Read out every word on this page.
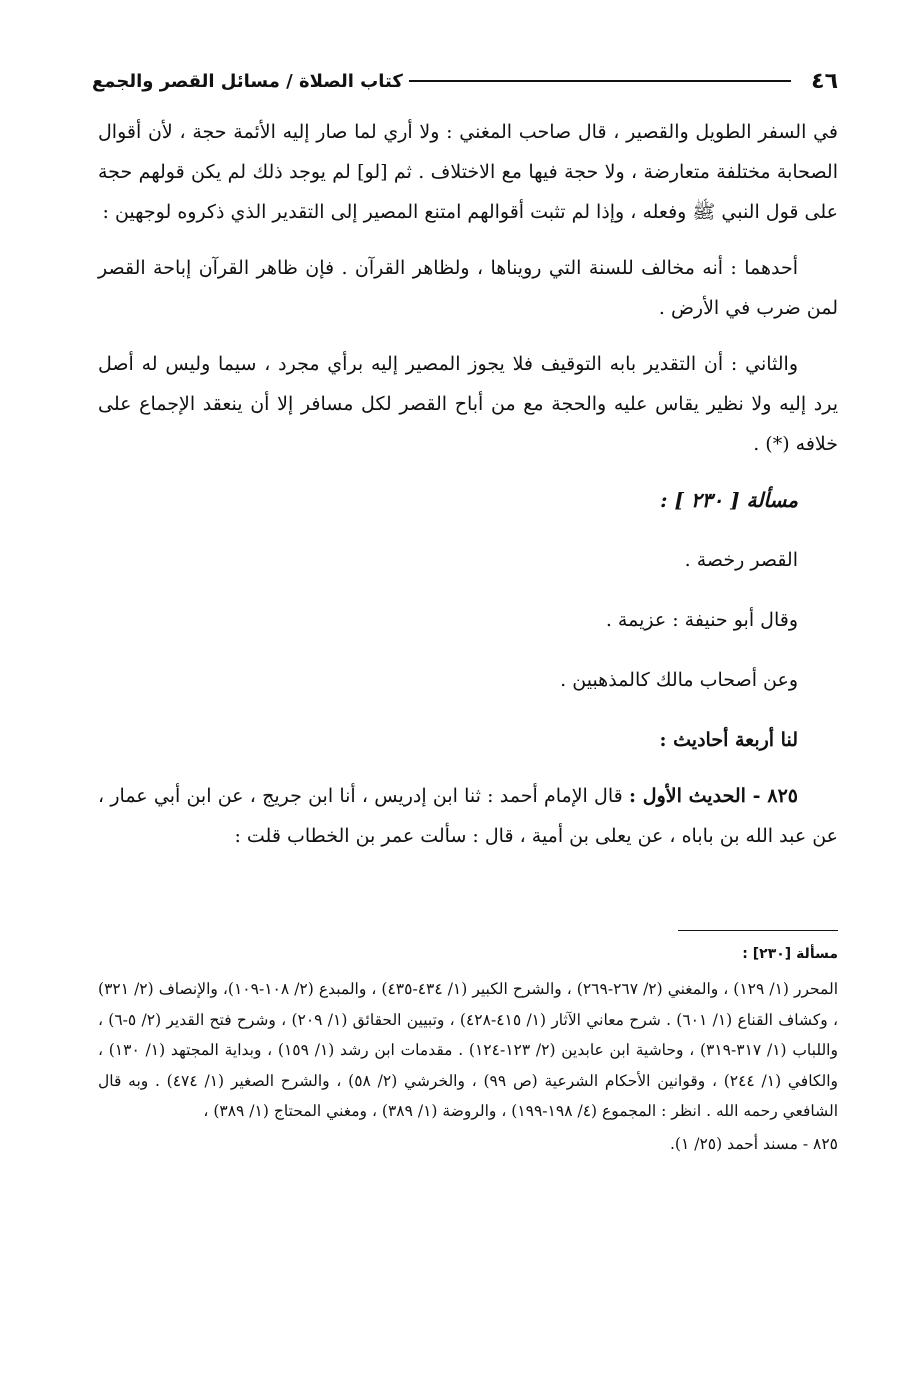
٤٦
كتاب الصلاة / مسائل القصر والجمع

في السفر الطويل والقصير ، قال صاحب المغني : ولا أري لما صار إليه الأئمة حجة ، لأن أقوال الصحابة مختلفة متعارضة ، ولا حجة فيها مع الاختلاف . ثم [لو] لم يوجد ذلك لم يكن قولهم حجة على قول النبي ﷺ وفعله ، وإذا لم تثبت أقوالهم امتنع المصير إلى التقدير الذي ذكروه لوجهين :

أحدهما : أنه مخالف للسنة التي رويناها ، ولظاهر القرآن . فإن ظاهر القرآن إباحة القصر لمن ضرب في الأرض .

والثاني : أن التقدير بابه التوقيف فلا يجوز المصير إليه برأي مجرد ، سيما وليس له أصل يرد إليه ولا نظير يقاس عليه والحجة مع من أباح القصر لكل مسافر إلا أن ينعقد الإجماع على خلافه (*) .

مسألة [ ٢٣٠ ] :
القصر رخصة .
وقال أبو حنيفة : عزيمة .
وعن أصحاب مالك كالمذهبين .
لنا أربعة أحاديث :

٨٢٥ - الحديث الأول : قال الإمام أحمد : ثنا ابن إدريس ، أنا ابن جريج ، عن ابن أبي عمار ، عن عبد الله بن باباه ، عن يعلى بن أمية ، قال : سألت عمر بن الخطاب قلت :

مسألة [٢٣٠] :

المحرر (١/ ١٢٩) ، والمغني (٢/ ٢٦٧-٢٦٩) ، والشرح الكبير (١/ ٤٣٤-٤٣٥) ، والمبدع (٢/ ١٠٨-١٠٩)، والإنصاف (٢/ ٣٢١) ، وكشاف القناع (١/ ٦٠١) . شرح معاني الآثار (١/ ٤١٥-٤٢٨) ، وتبيين الحقائق (١/ ٢٠٩) ، وشرح فتح القدير (٢/ ٥-٦) ، واللباب (١/ ٣١٧-٣١٩) ، وحاشية ابن عابدين (٢/ ١٢٣-١٢٤) . مقدمات ابن رشد (١/ ١٥٩) ، وبداية المجتهد (١/ ١٣٠) ، والكافي (١/ ٢٤٤) ، وقوانين الأحكام الشرعية (ص ٩٩) ، والخرشي (٢/ ٥٨) ، والشرح الصغير (١/ ٤٧٤) . وبه قال الشافعي رحمه الله . انظر : المجموع (٤/ ١٩٨-١٩٩) ، والروضة (١/ ٣٨٩) ، ومغني المحتاج (١/ ٣٨٩) ،

٨٢٥ - مسند أحمد (٢٥/ ١).
